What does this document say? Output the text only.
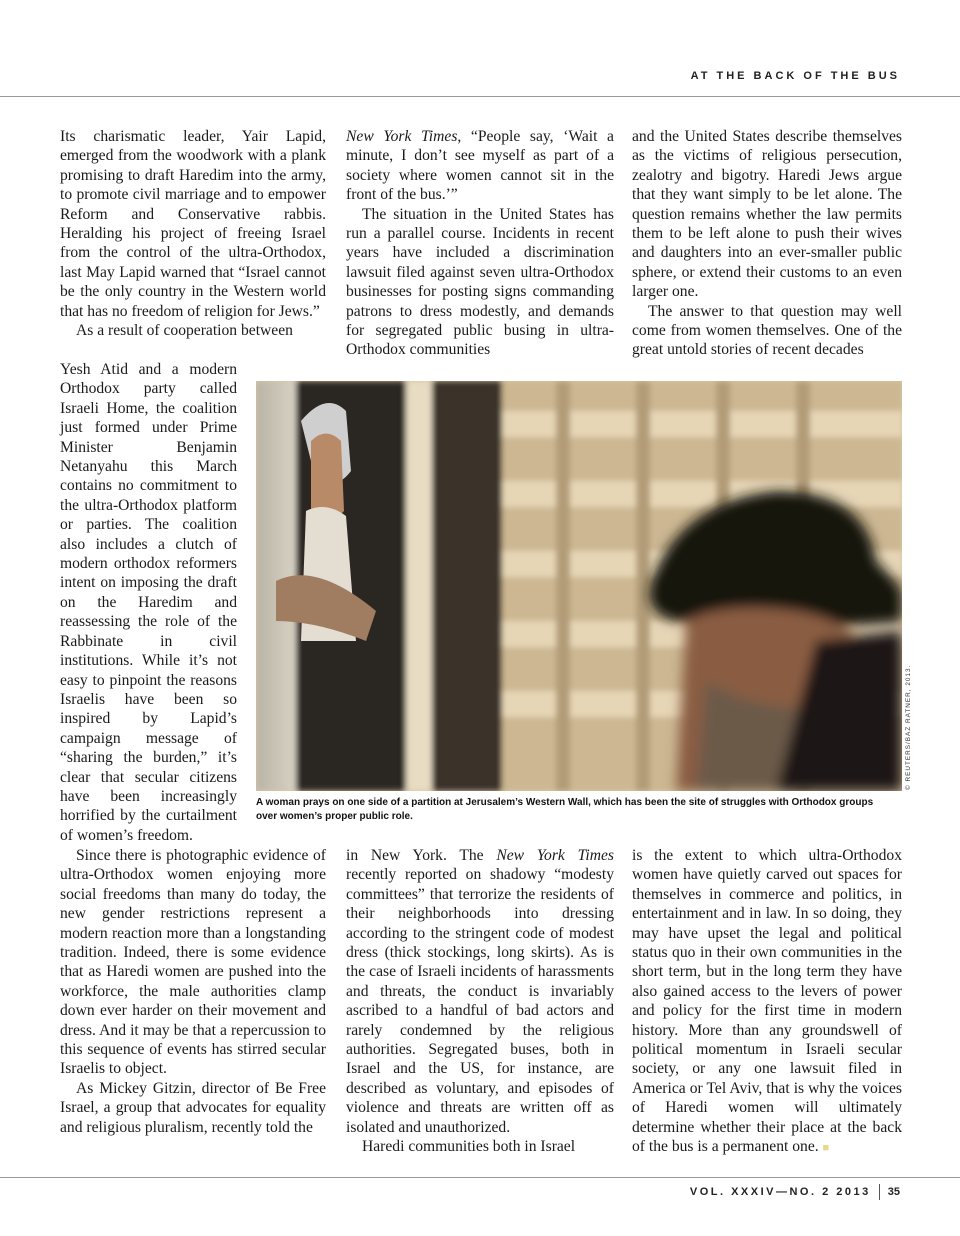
AT THE BACK OF THE BUS

Its charismatic leader, Yair Lapid, emerged from the woodwork with a plank promising to draft Haredim into the army, to promote civil marriage and to empower Reform and Conservative rabbis. Heralding his project of freeing Israel from the control of the ultra-Orthodox, last May Lapid warned that “Israel cannot be the only country in the Western world that has no freedom of religion for Jews.”

As a result of cooperation between

Yesh Atid and a modern Orthodox party called Israeli Home, the coalition just formed under Prime Minister Benjamin Netanyahu this March contains no commitment to the ultra-Orthodox platform or parties. The coalition also includes a clutch of modern orthodox reformers intent on imposing the draft on the Haredim and reassessing the role of the Rabbinate in civil institutions. While it’s not easy to pinpoint the reasons Israelis have been so inspired by Lapid’s campaign message of “sharing the burden,” it’s clear that secular citizens have been increasingly horrified by the curtailment of women’s freedom.

Since there is photographic evidence of ultra-Orthodox women enjoying more social freedoms than many do today, the new gender restrictions represent a modern reaction more than a longstanding tradition. Indeed, there is some evidence that as Haredi women are pushed into the workforce, the male authorities clamp down ever harder on their movement and dress. And it may be that a repercussion to this sequence of events has stirred secular Israelis to object.

As Mickey Gitzin, director of Be Free Israel, a group that advocates for equality and religious pluralism, recently told the

New York Times, “People say, ‘Wait a minute, I don’t see myself as part of a society where women cannot sit in the front of the bus.’”

The situation in the United States has run a parallel course. Incidents in recent years have included a discrimination lawsuit filed against seven ultra-Orthodox businesses for posting signs commanding patrons to dress modestly, and demands for segregated public busing in ultra-Orthodox communities

in New York. The New York Times recently reported on shadowy “modesty committees” that terrorize the residents of their neighborhoods into dressing according to the stringent code of modest dress (thick stockings, long skirts). As is the case of Israeli incidents of harassments and threats, the conduct is invariably ascribed to a handful of bad actors and rarely condemned by the religious authorities. Segregated buses, both in Israel and the US, for instance, are described as voluntary, and episodes of violence and threats are written off as isolated and unauthorized.

Haredi communities both in Israel

and the United States describe themselves as the victims of religious persecution, zealotry and bigotry. Haredi Jews argue that they want simply to be let alone. The question remains whether the law permits them to be left alone to push their wives and daughters into an ever-smaller public sphere, or extend their customs to an even larger one.

The answer to that question may well come from women themselves. One of the great untold stories of recent decades

is the extent to which ultra-Orthodox women have quietly carved out spaces for themselves in commerce and politics, in entertainment and in law. In so doing, they may have upset the legal and political status quo in their own communities in the short term, but in the long term they have also gained access to the levers of power and policy for the first time in modern history. More than any groundswell of political momentum in Israeli secular society, or any one lawsuit filed in America or Tel Aviv, that is why the voices of Haredi women will ultimately determine whether their place at the back of the bus is a permanent one. ■

© REUTERS/BAZ RATNER, 2013.
A woman prays on one side of a partition at Jerusalem’s Western Wall, which has been the site of struggles with Orthodox groups over women’s proper public role.
VOL. XXXIV—NO. 2 2013 35
